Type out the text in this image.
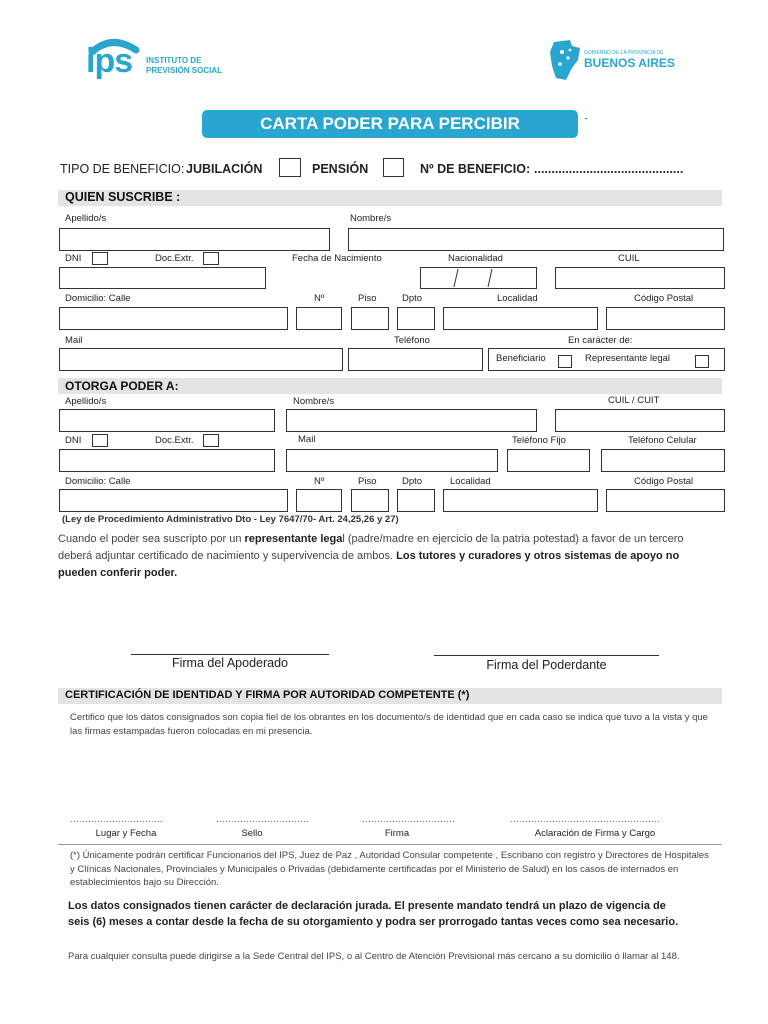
ips INSTITUTO DE
PREVISIÓN SOCIAL
GOBIERNO DE LA PROVINCIA DE
BUENOS AIRES
CARTA PODER PARA PERCIBIR
TIPO DE BENEFICIO: JUBILACIÓN	PENSIÓN	Nº DE BENEFICIO: ...........................................
QUIEN SUSCRIBE :
Apellido/s	Nombre/s
DNI	Doc.Extr.	Fecha de Nacimiento	Nacionalidad	CUIL
Domicilio: Calle	Nº	Piso	Dpto	Localidad	Código Postal
Mail	Teléfono	En carácter de:
Beneficiario	Representante legal
OTORGA PODER A:
Apellido/s	Nombre/s	CUIL / CUIT
DNI	Doc.Extr.	Mail	Teléfono Fijo	Teléfono Celular
Domicilio: Calle	Nº	Piso	Dpto	Localidad	Código Postal
(Ley de Procedimiento Administrativo Dto - Ley 7647/70- Art. 24,25,26 y 27)
Cuando el poder sea suscripto por un representante legal (padre/madre en ejercicio de la patria potestad) a favor de un tercero deberá adjuntar certificado de nacimiento y supervivencia de ambos. Los tutores y curadores y otros sistemas de apoyo no pueden conferir poder.
Firma del Apoderado	Firma del Poderdante
CERTIFICACIÓN DE IDENTIDAD Y FIRMA POR AUTORIDAD COMPETENTE (*)
Certifico que los datos consignados son copia fiel de los obrantes en los documento/s de identidad que en cada caso se indica que tuvo a la vista y que las firmas estampadas fueron colocadas en mi presencia.
...............................	...............................	...............................	..................................................
Lugar y Fecha	Sello	Firma	Aclaración de Firma y Cargo
(*) Únicamente podrán certificar Funcionarios del IPS, Juez de Paz , Autoridad Consular competente , Escribano con registro y Directores de Hospitales y Clínicas Nacionales, Provinciales y Municipales o Privadas (debidamente certificadas por el Ministerio de Salud) en los casos de internados en establecimientos bajo su Dirección.
Los datos consignados tienen carácter de declaración jurada. El presente mandato tendrá un plazo de vigencia de seis (6) meses a contar desde la fecha de su otorgamiento y podra ser prorrogado tantas veces como sea necesario.
Para cualquier consulta puede dirigirse a la Sede Central del IPS, o al Centro de Atención Previsional más cercano a su domicilio ó llamar al 148.
